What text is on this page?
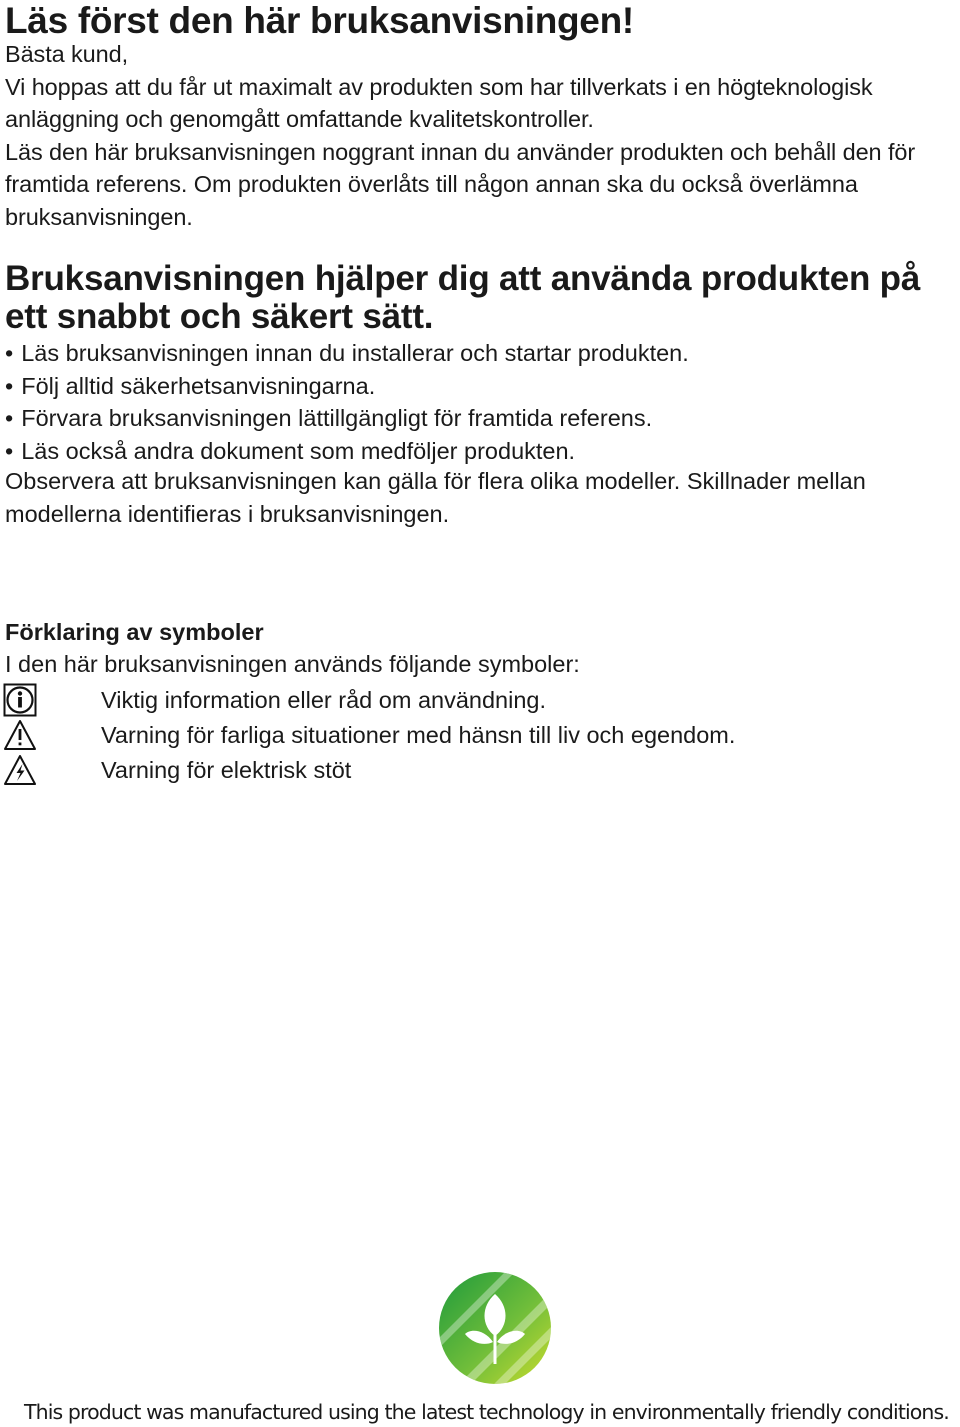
Läs först den här bruksanvisningen!

Bästa kund,

Vi hoppas att du får ut maximalt av produkten som har tillverkats i en högteknologisk anläggning och genomgått omfattande kvalitetskontroller.

Läs den här bruksanvisningen noggrant innan du använder produkten och behåll den för framtida referens. Om produkten överlåts till någon annan ska du också överlämna bruksanvisningen.

Bruksanvisningen hjälper dig att använda produkten på ett snabbt och säkert sätt.
• Läs bruksanvisningen innan du installerar och startar produkten.
• Följ alltid säkerhetsanvisningarna.
• Förvara bruksanvisningen lättillgängligt för framtida referens.
• Läs också andra dokument som medföljer produkten.

Observera att bruksanvisningen kan gälla för flera olika modeller. Skillnader mellan modellerna identifieras i bruksanvisningen.

Förklaring av symboler

I den här bruksanvisningen används följande symboler:

Viktig information eller råd om användning.
Varning för farliga situationer med hänsn till liv och egendom.
Varning för elektrisk stöt

This product was manufactured using the latest technology in environmentally friendly conditions.
